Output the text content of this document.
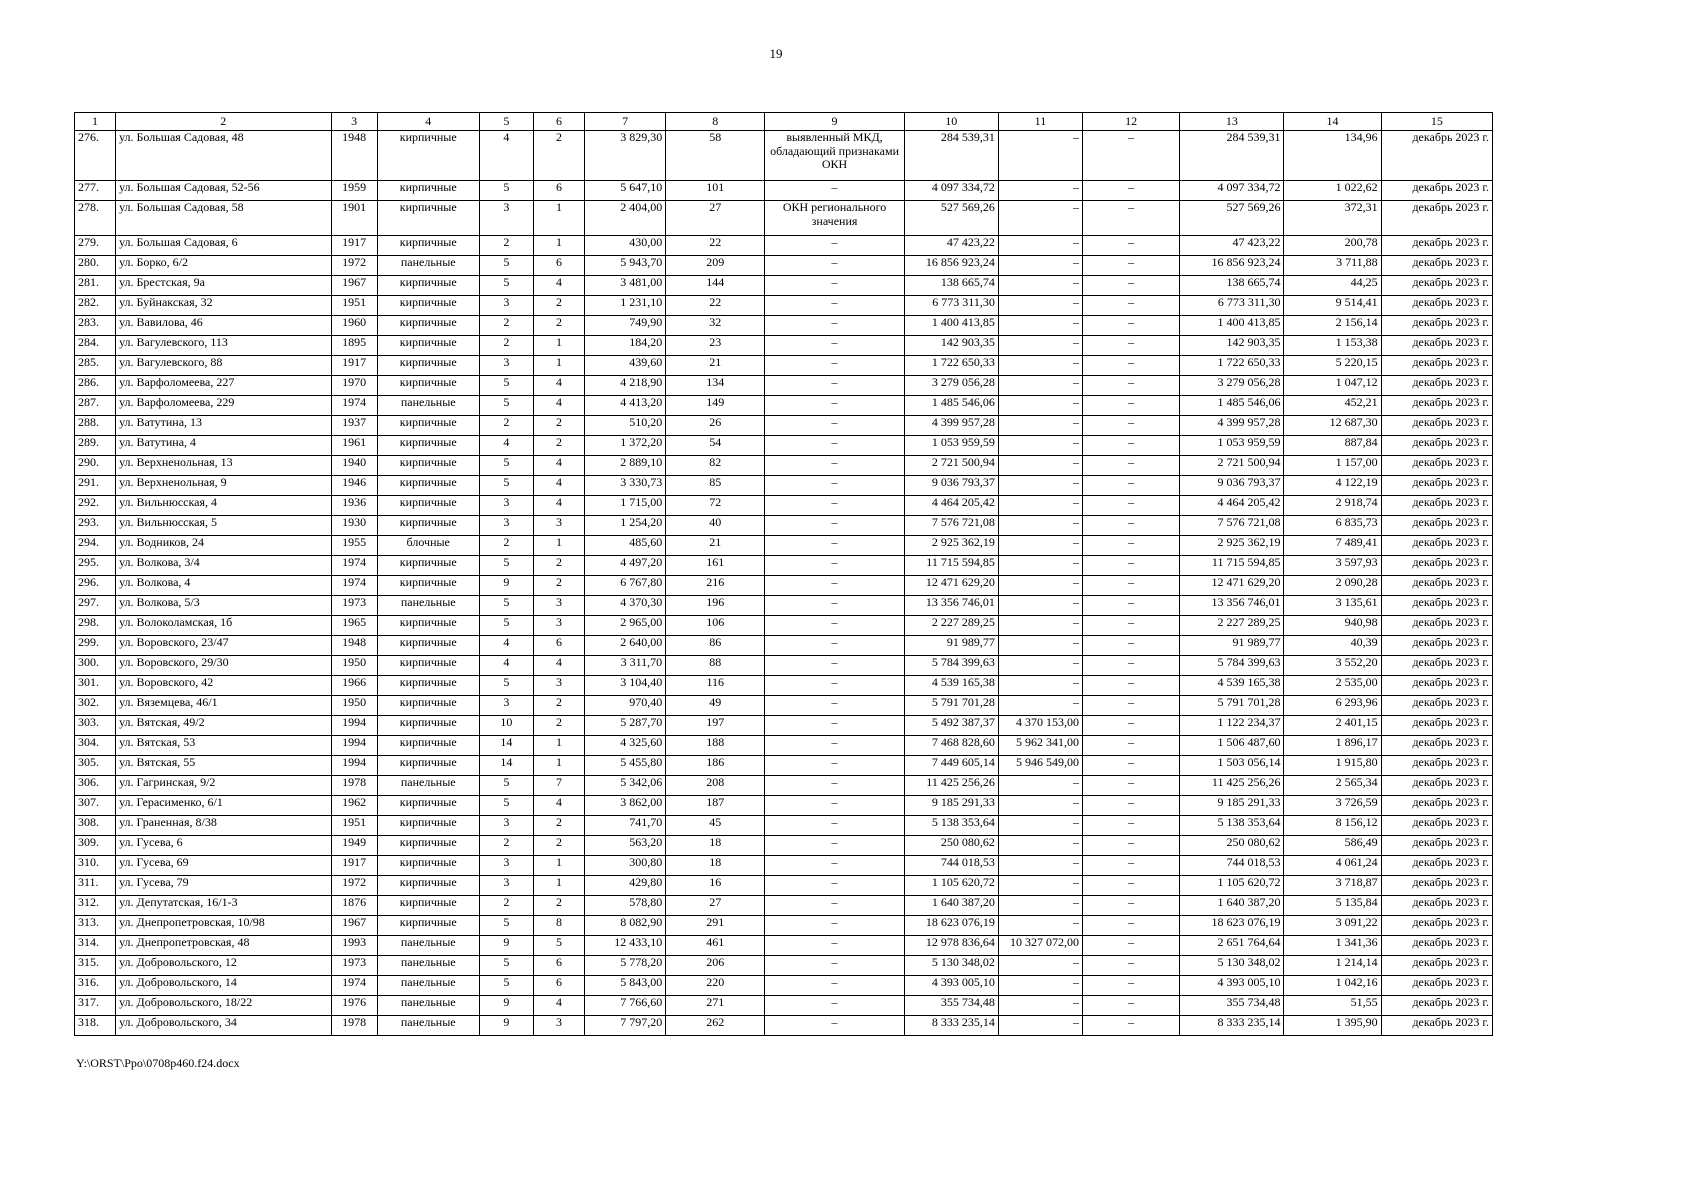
19
1	2	3	4	5	6	7	8	9	10	11	12	13	14	15
276.	ул. Большая Садовая, 48	1948	кирпичные	4	2	3 829,30	58	выявленный МКД, обладающий признаками ОКН	284 539,31	–	–	284 539,31	134,96	декабрь 2023 г.
277.	ул. Большая Садовая, 52-56	1959	кирпичные	5	6	5 647,10	101	–	4 097 334,72	–	–	4 097 334,72	1 022,62	декабрь 2023 г.
278.	ул. Большая Садовая, 58	1901	кирпичные	3	1	2 404,00	27	ОКН регионального значения	527 569,26	–	–	527 569,26	372,31	декабрь 2023 г.
279.	ул. Большая Садовая, 6	1917	кирпичные	2	1	430,00	22	–	47 423,22	–	–	47 423,22	200,78	декабрь 2023 г.
280.	ул. Борко, 6/2	1972	панельные	5	6	5 943,70	209	–	16 856 923,24	–	–	16 856 923,24	3 711,88	декабрь 2023 г.
281.	ул. Брестская, 9а	1967	кирпичные	5	4	3 481,00	144	–	138 665,74	–	–	138 665,74	44,25	декабрь 2023 г.
282.	ул. Буйнакская, 32	1951	кирпичные	3	2	1 231,10	22	–	6 773 311,30	–	–	6 773 311,30	9 514,41	декабрь 2023 г.
283.	ул. Вавилова, 46	1960	кирпичные	2	2	749,90	32	–	1 400 413,85	–	–	1 400 413,85	2 156,14	декабрь 2023 г.
284.	ул. Вагулевского, 113	1895	кирпичные	2	1	184,20	23	–	142 903,35	–	–	142 903,35	1 153,38	декабрь 2023 г.
285.	ул. Вагулевского, 88	1917	кирпичные	3	1	439,60	21	–	1 722 650,33	–	–	1 722 650,33	5 220,15	декабрь 2023 г.
286.	ул. Варфоломеева, 227	1970	кирпичные	5	4	4 218,90	134	–	3 279 056,28	–	–	3 279 056,28	1 047,12	декабрь 2023 г.
287.	ул. Варфоломеева, 229	1974	панельные	5	4	4 413,20	149	–	1 485 546,06	–	–	1 485 546,06	452,21	декабрь 2023 г.
288.	ул. Ватутина, 13	1937	кирпичные	2	2	510,20	26	–	4 399 957,28	–	–	4 399 957,28	12 687,30	декабрь 2023 г.
289.	ул. Ватутина, 4	1961	кирпичные	4	2	1 372,20	54	–	1 053 959,59	–	–	1 053 959,59	887,84	декабрь 2023 г.
290.	ул. Верхненольная, 13	1940	кирпичные	5	4	2 889,10	82	–	2 721 500,94	–	–	2 721 500,94	1 157,00	декабрь 2023 г.
291.	ул. Верхненольная, 9	1946	кирпичные	5	4	3 330,73	85	–	9 036 793,37	–	–	9 036 793,37	4 122,19	декабрь 2023 г.
292.	ул. Вильнюсская, 4	1936	кирпичные	3	4	1 715,00	72	–	4 464 205,42	–	–	4 464 205,42	2 918,74	декабрь 2023 г.
293.	ул. Вильнюсская, 5	1930	кирпичные	3	3	1 254,20	40	–	7 576 721,08	–	–	7 576 721,08	6 835,73	декабрь 2023 г.
294.	ул. Водников, 24	1955	блочные	2	1	485,60	21	–	2 925 362,19	–	–	2 925 362,19	7 489,41	декабрь 2023 г.
295.	ул. Волкова, 3/4	1974	кирпичные	5	2	4 497,20	161	–	11 715 594,85	–	–	11 715 594,85	3 597,93	декабрь 2023 г.
296.	ул. Волкова, 4	1974	кирпичные	9	2	6 767,80	216	–	12 471 629,20	–	–	12 471 629,20	2 090,28	декабрь 2023 г.
297.	ул. Волкова, 5/3	1973	панельные	5	3	4 370,30	196	–	13 356 746,01	–	–	13 356 746,01	3 135,61	декабрь 2023 г.
298.	ул. Волоколамская, 1б	1965	кирпичные	5	3	2 965,00	106	–	2 227 289,25	–	–	2 227 289,25	940,98	декабрь 2023 г.
299.	ул. Воровского, 23/47	1948	кирпичные	4	6	2 640,00	86	–	91 989,77	–	–	91 989,77	40,39	декабрь 2023 г.
300.	ул. Воровского, 29/30	1950	кирпичные	4	4	3 311,70	88	–	5 784 399,63	–	–	5 784 399,63	3 552,20	декабрь 2023 г.
301.	ул. Воровского, 42	1966	кирпичные	5	3	3 104,40	116	–	4 539 165,38	–	–	4 539 165,38	2 535,00	декабрь 2023 г.
302.	ул. Вяземцева, 46/1	1950	кирпичные	3	2	970,40	49	–	5 791 701,28	–	–	5 791 701,28	6 293,96	декабрь 2023 г.
303.	ул. Вятская, 49/2	1994	кирпичные	10	2	5 287,70	197	–	5 492 387,37	4 370 153,00	–	1 122 234,37	2 401,15	декабрь 2023 г.
304.	ул. Вятская, 53	1994	кирпичные	14	1	4 325,60	188	–	7 468 828,60	5 962 341,00	–	1 506 487,60	1 896,17	декабрь 2023 г.
305.	ул. Вятская, 55	1994	кирпичные	14	1	5 455,80	186	–	7 449 605,14	5 946 549,00	–	1 503 056,14	1 915,80	декабрь 2023 г.
306.	ул. Гагринская, 9/2	1978	панельные	5	7	5 342,06	208	–	11 425 256,26	–	–	11 425 256,26	2 565,34	декабрь 2023 г.
307.	ул. Герасименко, 6/1	1962	кирпичные	5	4	3 862,00	187	–	9 185 291,33	–	–	9 185 291,33	3 726,59	декабрь 2023 г.
308.	ул. Граненная, 8/38	1951	кирпичные	3	2	741,70	45	–	5 138 353,64	–	–	5 138 353,64	8 156,12	декабрь 2023 г.
309.	ул. Гусева, 6	1949	кирпичные	2	2	563,20	18	–	250 080,62	–	–	250 080,62	586,49	декабрь 2023 г.
310.	ул. Гусева, 69	1917	кирпичные	3	1	300,80	18	–	744 018,53	–	–	744 018,53	4 061,24	декабрь 2023 г.
311.	ул. Гусева, 79	1972	кирпичные	3	1	429,80	16	–	1 105 620,72	–	–	1 105 620,72	3 718,87	декабрь 2023 г.
312.	ул. Депутатская, 16/1-3	1876	кирпичные	2	2	578,80	27	–	1 640 387,20	–	–	1 640 387,20	5 135,84	декабрь 2023 г.
313.	ул. Днепропетровская, 10/98	1967	кирпичные	5	8	8 082,90	291	–	18 623 076,19	–	–	18 623 076,19	3 091,22	декабрь 2023 г.
314.	ул. Днепропетровская, 48	1993	панельные	9	5	12 433,10	461	–	12 978 836,64	10 327 072,00	–	2 651 764,64	1 341,36	декабрь 2023 г.
315.	ул. Добровольского, 12	1973	панельные	5	6	5 778,20	206	–	5 130 348,02	–	–	5 130 348,02	1 214,14	декабрь 2023 г.
316.	ул. Добровольского, 14	1974	панельные	5	6	5 843,00	220	–	4 393 005,10	–	–	4 393 005,10	1 042,16	декабрь 2023 г.
317.	ул. Добровольского, 18/22	1976	панельные	9	4	7 766,60	271	–	355 734,48	–	–	355 734,48	51,55	декабрь 2023 г.
318.	ул. Добровольского, 34	1978	панельные	9	3	7 797,20	262	–	8 333 235,14	–	–	8 333 235,14	1 395,90	декабрь 2023 г.
Y:\ORST\Ppo\0708p460.f24.docx
